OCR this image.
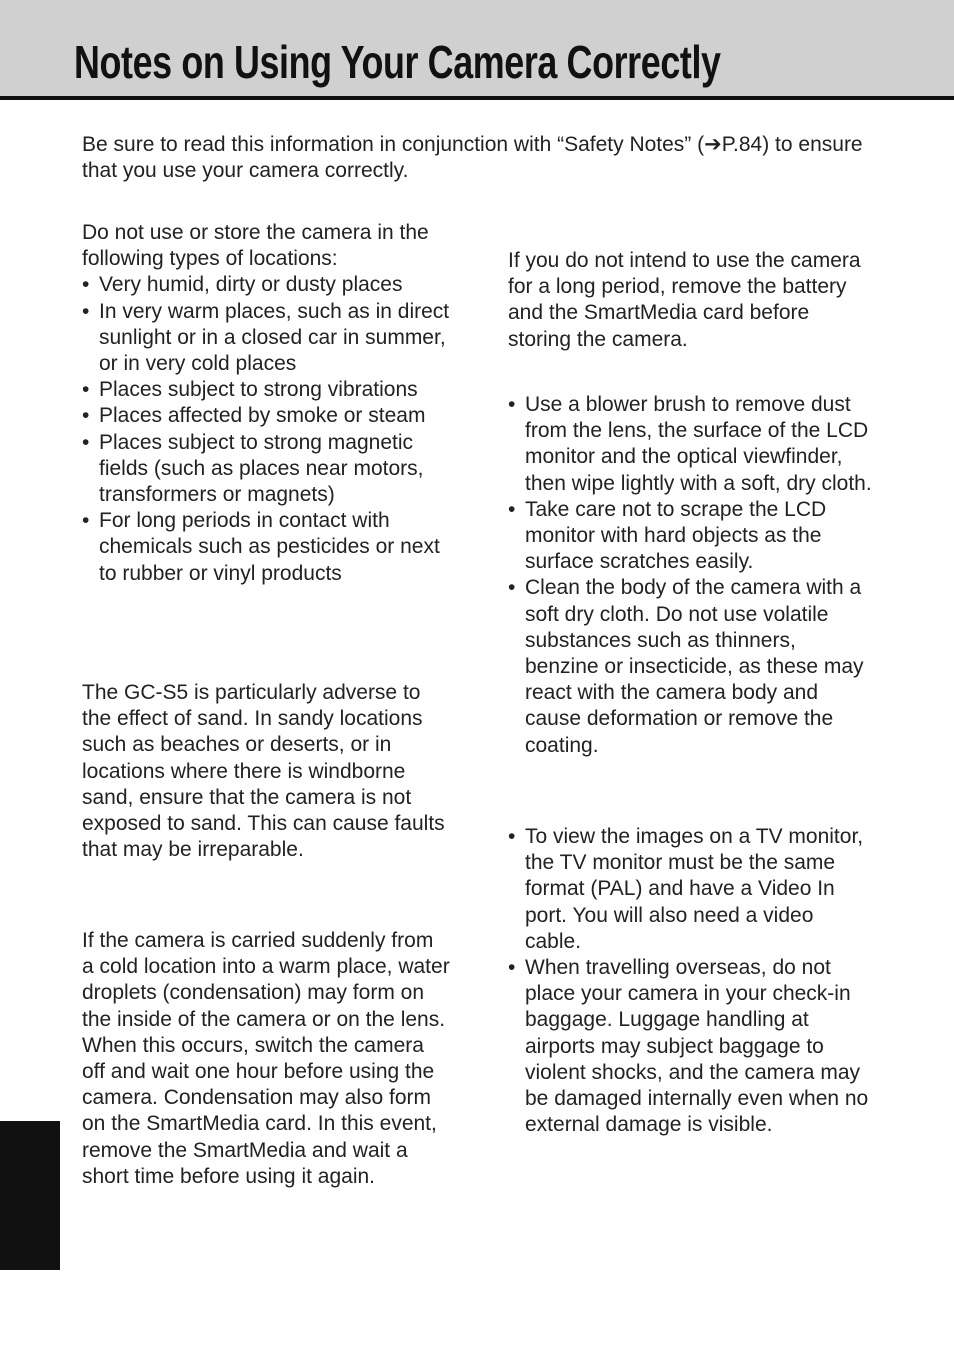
Notes on Using Your Camera Correctly

Be sure to read this information in conjunction with “Safety Notes” (➔P.84) to ensure that you use your camera correctly.

Do not use or store the camera in the following types of locations:

• Very humid, dirty or dusty places
• In very warm places, such as in direct sunlight or in a closed car in summer, or in very cold places
• Places subject to strong vibrations
• Places affected by smoke or steam
• Places subject to strong magnetic fields (such as places near motors, transformers or magnets)
• For long periods in contact with chemicals such as pesticides or next to rubber or vinyl products

The GC-S5 is particularly adverse to the effect of sand. In sandy locations such as beaches or deserts, or in locations where there is windborne sand, ensure that the camera is not exposed to sand. This can cause faults that may be irreparable.

If the camera is carried suddenly from a cold location into a warm place, water droplets (condensation) may form on the inside of the camera or on the lens. When this occurs, switch the camera off and wait one hour before using the camera. Condensation may also form on the SmartMedia card. In this event, remove the SmartMedia and wait a short time before using it again.

If you do not intend to use the camera for a long period, remove the battery and the SmartMedia card before storing the camera.

• Use a blower brush to remove dust from the lens, the surface of the LCD monitor and the optical viewfinder, then wipe lightly with a soft, dry cloth.
• Take care not to scrape the LCD monitor with hard objects as the surface scratches easily.
• Clean the body of the camera with a soft dry cloth. Do not use volatile substances such as thinners, benzine or insecticide, as these may react with the camera body and cause deformation or remove the coating.
• To view the images on a TV monitor, the TV monitor must be the same format (PAL) and have a Video In port. You will also need a video cable.
• When travelling overseas, do not place your camera in your check-in baggage. Luggage handling at airports may subject baggage to violent shocks, and the camera may be damaged internally even when no external damage is visible.
